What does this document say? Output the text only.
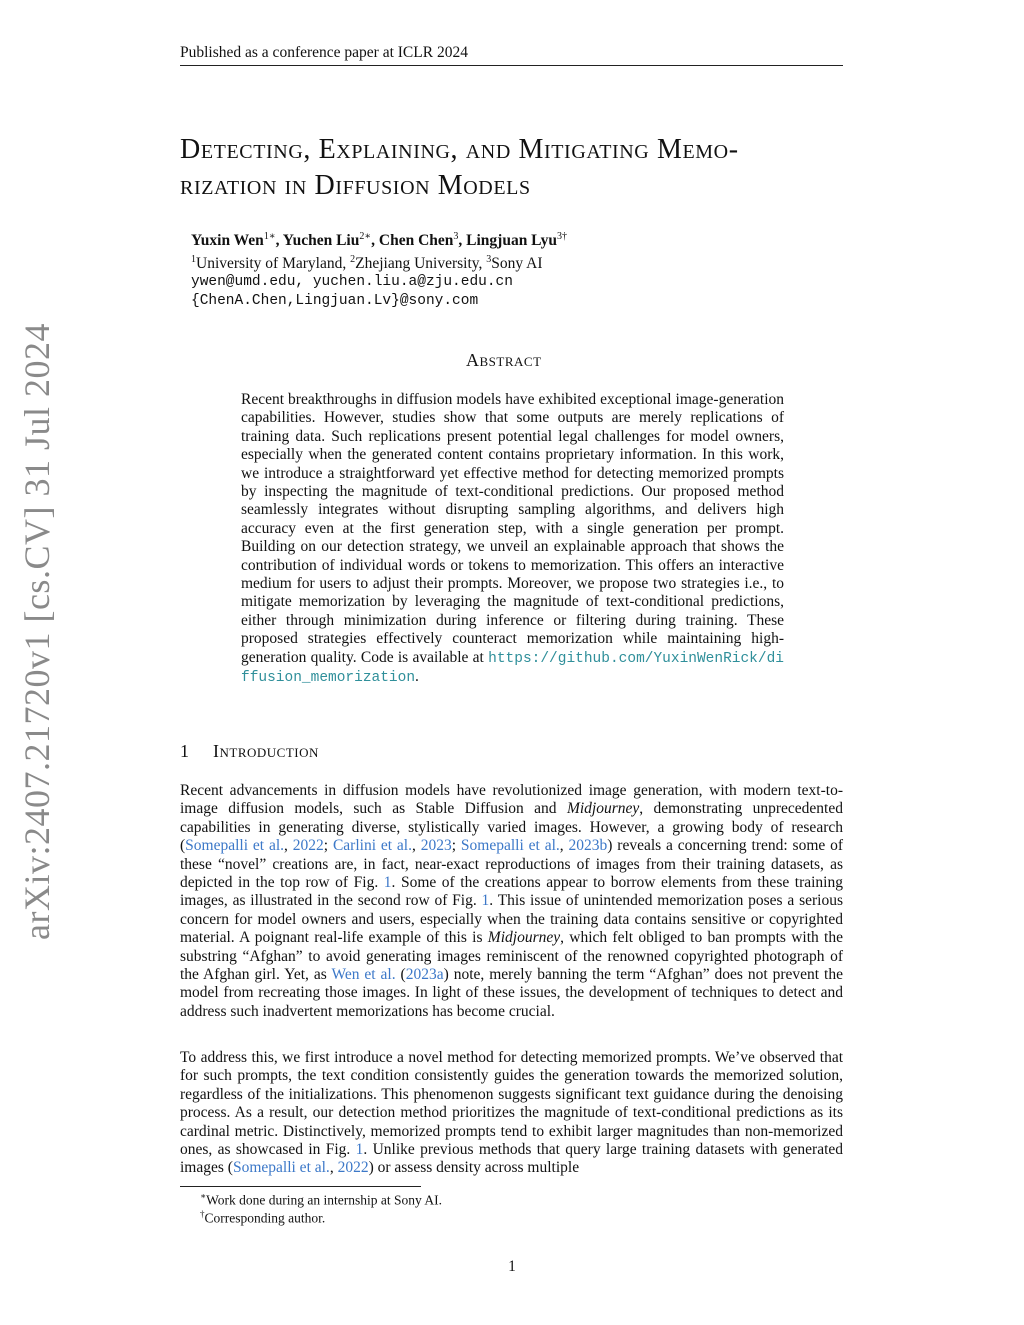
Published as a conference paper at ICLR 2024
Detecting, Explaining, and Mitigating Memo-
rization in Diffusion Models
Yuxin Wen$^{1∗}$, Yuchen Liu$^{2∗}$, Chen Chen$^3$, Lingjuan Lyu$^{3\dagger}$
$^1$University of Maryland, $^2$Zhejiang University, $^3$Sony AI
ywen@umd.edu, yuchen.liu.a@zju.edu.cn
{ChenA.Chen,Lingjuan.Lv}@sony.com
arXiv:2407.21720v1 [cs.CV] 31 Jul 2024	Abstract
Recent breakthroughs in diffusion models have exhibited exceptional image-generation capabilities. However, studies show that some outputs are merely replications of training data. Such replications present potential legal challenges for model owners, especially when the generated content contains proprietary information. In this work, we introduce a straightforward yet effective method for detecting memorized prompts by inspecting the magnitude of text-conditional predictions. Our proposed method seamlessly integrates without disrupting sampling algorithms, and delivers high accuracy even at the first generation step, with a single generation per prompt. Building on our detection strategy, we unveil an explainable approach that shows the contribution of individual words or tokens to memorization. This offers an interactive medium for users to adjust their prompts. Moreover, we propose two strategies i.e., to mitigate memorization by leveraging the magnitude of text-conditional predictions, either through minimization during inference or filtering during training. These proposed strategies effectively counteract memorization while maintaining high-generation quality. Code is available at https://github.com/YuxinWenRick/diffusion_memorization.
1 Introduction
Recent advancements in diffusion models have revolutionized image generation, with modern text-to-image diffusion models, such as Stable Diffusion and Midjourney, demonstrating unprecedented capabilities in generating diverse, stylistically varied images. However, a growing body of research (Somepalli et al., 2022; Carlini et al., 2023; Somepalli et al., 2023b) reveals a concerning trend: some of these “novel” creations are, in fact, near-exact reproductions of images from their training datasets, as depicted in the top row of Fig. 1. Some of the creations appear to borrow elements from these training images, as illustrated in the second row of Fig. 1. This issue of unintended memorization poses a serious concern for model owners and users, especially when the training data contains sensitive or copyrighted material. A poignant real-life example of this is Midjourney, which felt obliged to ban prompts with the substring “Afghan” to avoid generating images reminiscent of the renowned copyrighted photograph of the Afghan girl. Yet, as Wen et al. (2023a) note, merely banning the term “Afghan” does not prevent the model from recreating those images. In light of these issues, the development of techniques to detect and address such inadvertent memorizations has become crucial.
To address this, we first introduce a novel method for detecting memorized prompts. We’ve observed that for such prompts, the text condition consistently guides the generation towards the memorized solution, regardless of the initializations. This phenomenon suggests significant text guidance during the denoising process. As a result, our detection method prioritizes the magnitude of text-conditional predictions as its cardinal metric. Distinctively, memorized prompts tend to exhibit larger magnitudes than non-memorized ones, as showcased in Fig. 1. Unlike previous methods that query large training datasets with generated images (Somepalli et al., 2022) or assess density across multiple
∗Work done during an internship at Sony AI.
†Corresponding author.
1
